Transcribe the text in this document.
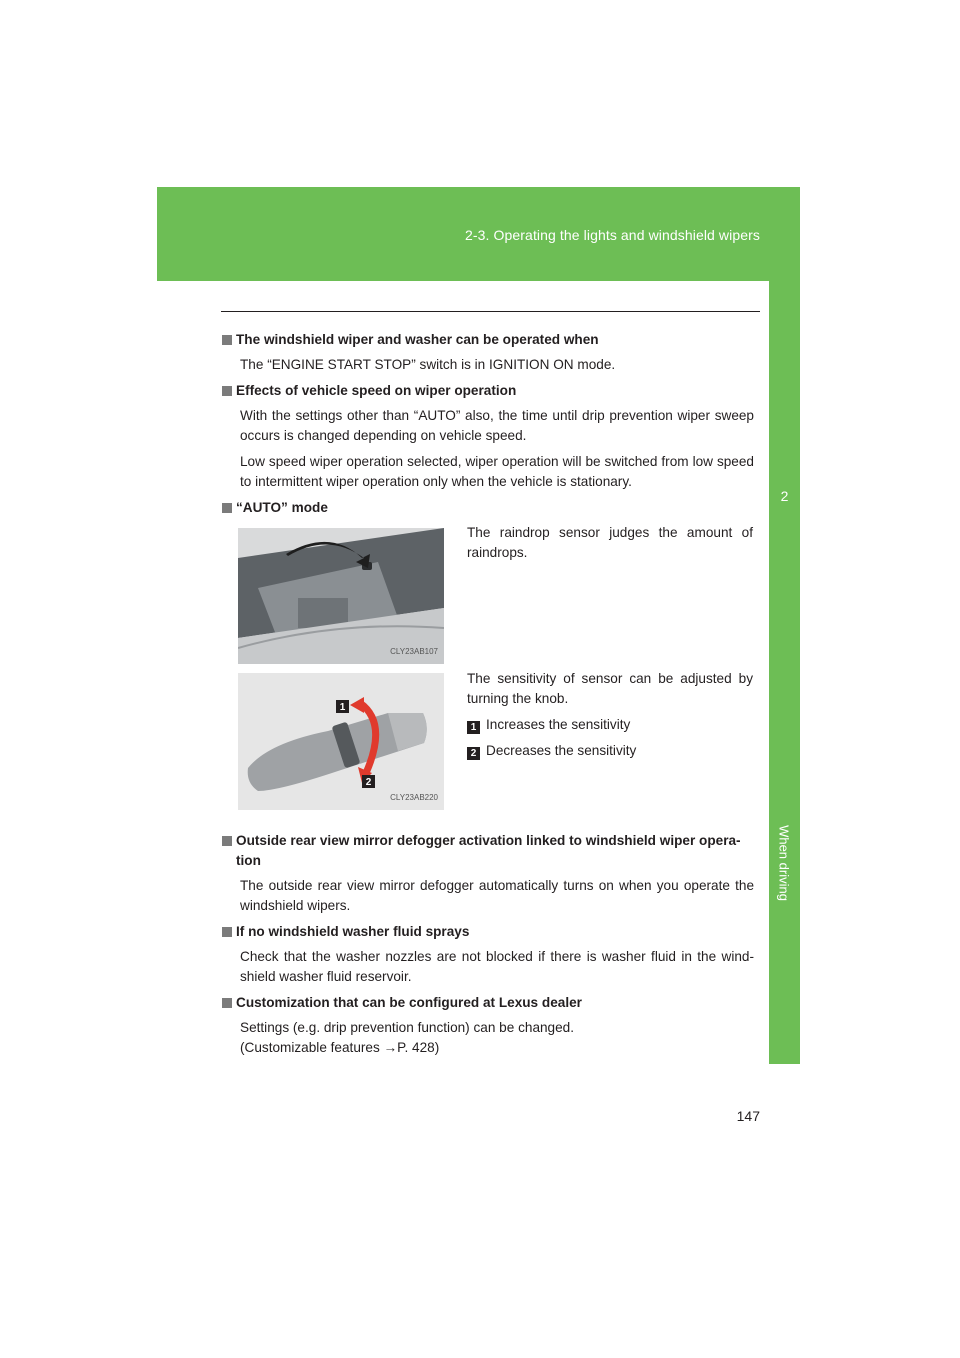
2-3. Operating the lights and windshield wipers
2
When driving
The windshield wiper and washer can be operated when
The “ENGINE START STOP” switch is in IGNITION ON mode.
Effects of vehicle speed on wiper operation
With the settings other than “AUTO” also, the time until drip prevention wiper sweep occurs is changed depending on vehicle speed.
Low speed wiper operation selected, wiper operation will be switched from low speed to intermittent wiper operation only when the vehicle is stationary.
“AUTO” mode
CLY23AB107
The raindrop sensor judges the amount of raindrops.
1
2
CLY23AB220
The sensitivity of sensor can be adjusted by turning the knob.
1 Increases the sensitivity
2 Decreases the sensitivity
Outside rear view mirror defogger activation linked to windshield wiper opera-tion
The outside rear view mirror defogger automatically turns on when you operate the windshield wipers.
If no windshield washer fluid sprays
Check that the washer nozzles are not blocked if there is washer fluid in the wind-shield washer fluid reservoir.
Customization that can be configured at Lexus dealer
Settings (e.g. drip prevention function) can be changed.
(Customizable features →P. 428)
147
